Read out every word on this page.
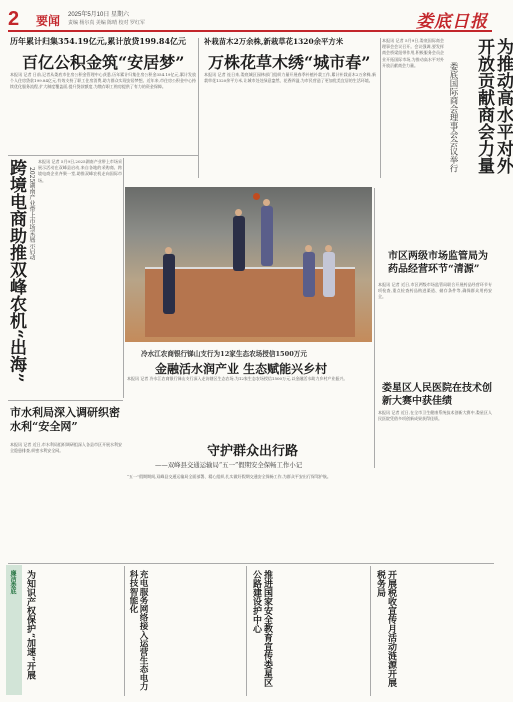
2 要闻 2025年5月10日 星期六
责编 杨尔真 美编 陈晴 校对 罗红军	娄底日报
历年累计归集354.19亿元,累计放贷199.84亿元
百亿公积金筑“安居梦”
本报讯 记者 日前,记者从娄底市住房公积金管理中心获悉,历年累计归集住房公积金354.19亿元,累计发放个人住房贷款199.84亿元,有效支持了职工住房消费,助力群众实现安居梦想。近年来,市住房公积金中心持续优化服务流程,扩大制度覆盖面,提升贷款额度,为缴存职工购房提供了有力的资金保障。
补栽苗木2万余株,新栽草花1320余平方米
万株花草木绣“城市春”
本报讯 记者 连日来,娄底城区园林部门组织力量开展春季补植补栽工作,累计补栽苗木2万余株,新栽草花1320余平方米,让城市处处绿意盎然、花香四溢,为市民营造了更加优美宜居的生活环境。
本报讯 记者 5月9日,娄底国际商会理事会会议召开。会议强调,要发挥商会桥梁纽带作用,积极服务会员企业开拓国际市场,为推动高水平对外开放贡献商会力量。	为推动高水平对外开放贡献商会力量
娄底国际商会理事会会议举行
跨境电商助推双峰农机“出海” 2025湖南产业带上市场采展示启动
本报讯 记者 5月9日,2025湖南产业带上市场采展示活动在双峰县启动,来自各地的采购商、跨境电商企业齐聚一堂,助推双峰农机走向国际市场。
市区两级市场监管局为药品经营环节“清源”
本报讯 记者 近日,市区两级市场监管局联合开展药品经营环节专项检查,重点检查药品购进渠道、储存条件等,确保群众用药安全。
娄星区人民医院在技术创新大赛中获佳绩
本报讯 记者 近日,在全市卫生健康系统技术创新大赛中,娄星区人民医院凭借多项创新成果获得佳绩。
冷水江农商银行锑山支行为12家生态农场授信1500万元
金融活水润产业 生态赋能兴乡村
本报讯 记者 冷水江农商银行锑山支行深入走访辖区生态农场,为12家生态农场授信1500万元,以金融活水助力乡村产业振兴。
市水利局深入调研织密水利“安全网”
本报讯 记者 近日,市水利局组织调研组深入各县市区开展水利安全隐患排查,织密水利安全网。	守护群众出行路
——双峰县交通运输局“五一”假期安全保畅工作小记
“五一”假期期间,双峰县交通运输局全面部署、精心组织,扎实做好假期交通安全保畅工作,为群众平安出行保驾护航。
廉洁娄底 为知识产权保护“加速”开展	充电服务网络接入运营生态电力科技智能化	推进国家安全教育宣传娄星区公路建设护中心	开展税收宣传月活动涟源开展税务局
